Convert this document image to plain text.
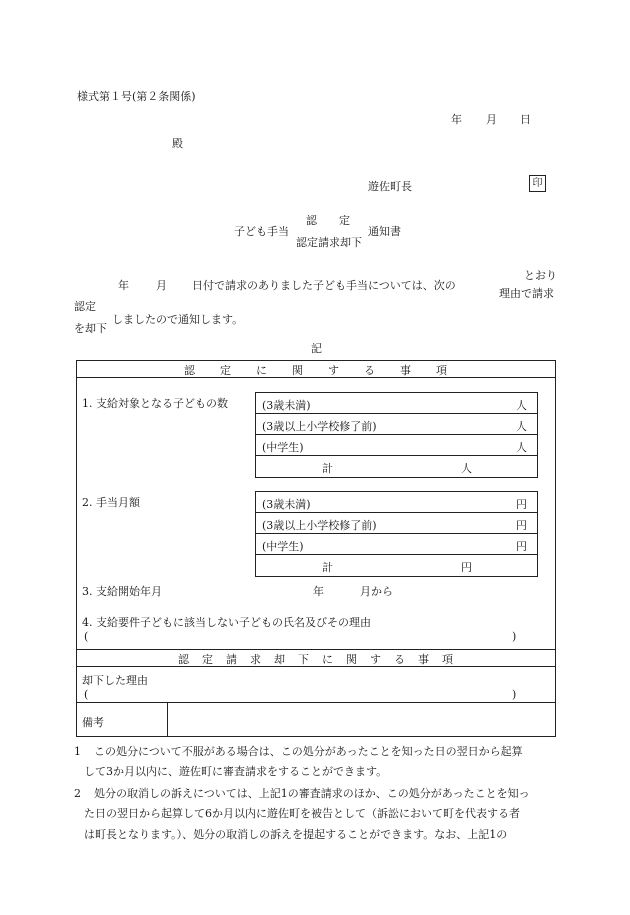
様式第１号(第２条関係)
年 月 日
殿
遊佐町長	印
子ども手当
認　　定
認定請求却下
通知書
年 月 日付で請求のありました子ども手当については、次の
とおり
理由で請求
認定
を却下
しましたので通知します。
記
認　　定　　に　　関　　す　　る　　事　　項
1. 支給対象となる子どもの数	(3歳未満)	人
(3歳以上小学校修了前)	人
(中学生)	人
計	人
2. 手当月額	(3歳未満)	円
(3歳以上小学校修了前)	円
(中学生)	円
計	円
3. 支給開始年月	年	月から
4. 支給要件子どもに該当しない子どもの氏名及びその理由
(	)
認　定　請　求　却　下　に　関　す　る　事　項
却下した理由
(	)
備考
1 この処分について不服がある場合は、この処分があったことを知った日の翌日から起算
して3か月以内に、遊佐町に審査請求をすることができます。
2 処分の取消しの訴えについては、上記1の審査請求のほか、この処分があったことを知っ
た日の翌日から起算して6か月以内に遊佐町を被告として（訴訟において町を代表する者
は町長となります。）、処分の取消しの訴えを提起することができます。なお、上記1の
